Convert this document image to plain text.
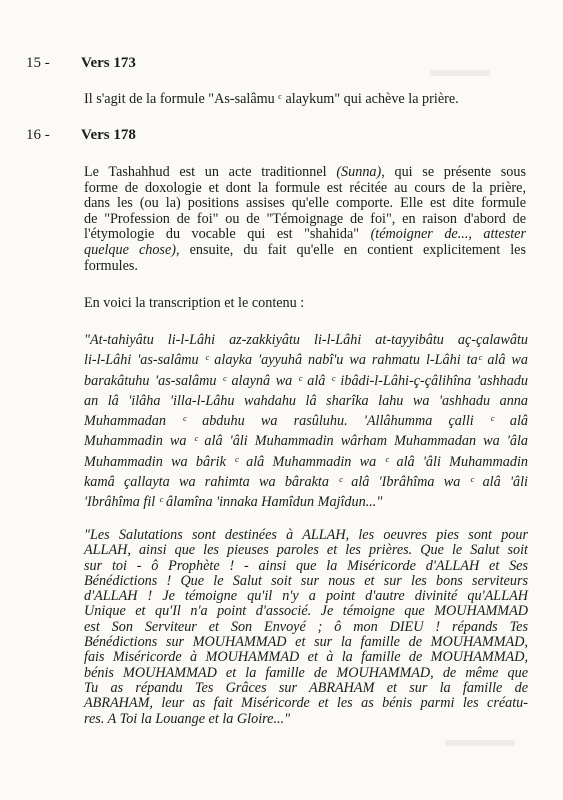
15 - Vers 173
Il s'agit de la formule "As-salâmu ᶜ alaykum" qui achève la prière.
16 - Vers 178
Le Tashahhud est un acte traditionnel (Sunna), qui se présente sous
forme de doxologie et dont la formule est récitée au cours de la prière,
dans les (ou la) positions assises qu'elle comporte. Elle est dite formule
de "Profession de foi" ou de "Témoignage de foi", en raison d'abord de
l'étymologie du vocable qui est "shahida" (témoigner de..., attester
quelque chose), ensuite, du fait qu'elle en contient explicitement les
formules.
En voici la transcription et le contenu :
"At-tahiyâtu li-l-Lâhi az-zakkiyâtu li-l-Lâhi at-tayyibâtu aç-çalawâtu
li-l-Lâhi 'as-salâmu ᶜ alayka 'ayyuhâ nabî'u wa rahmatu l-Lâhi taᶜ alâ wa
barakâtuhu 'as-salâmu ᶜ alaynâ wa ᶜ alâ ᶜ ibâdi-l-Lâhi-ç-çâlihîna 'ashhadu
an lâ 'ilâha 'illa-l-Lâhu wahdahu lâ sharîka lahu wa 'ashhadu anna
Muhammadan ᶜ abduhu wa rasûluhu. 'Allâhumma çalli ᶜ alâ
Muhammadin wa ᶜ alâ 'âli Muhammadin wârham Muhammadan wa 'âla
Muhammadin wa bârik ᶜ alâ Muhammadin wa ᶜ alâ 'âli Muhammadin
kamâ çallayta wa rahimta wa bârakta ᶜ alâ 'Ibrâhîma wa ᶜ alâ 'âli
'Ibrâhîma fil ᶜ âlamîna 'innaka Hamîdun Majîdun..."
"Les Salutations sont destinées à ALLAH, les oeuvres pies sont pour
ALLAH, ainsi que les pieuses paroles et les prières. Que le Salut soit
sur toi - ô Prophète ! - ainsi que la Miséricorde d'ALLAH et Ses
Bénédictions ! Que le Salut soit sur nous et sur les bons serviteurs
d'ALLAH ! Je témoigne qu'il n'y a point d'autre divinité qu'ALLAH
Unique et qu'Il n'a point d'associé. Je témoigne que MOUHAMMAD
est Son Serviteur et Son Envoyé ; ô mon DIEU ! répands Tes
Bénédictions sur MOUHAMMAD et sur la famille de MOUHAMMAD,
fais Miséricorde à MOUHAMMAD et à la famille de MOUHAMMAD,
bénis MOUHAMMAD et la famille de MOUHAMMAD, de même que
Tu as répandu Tes Grâces sur ABRAHAM et sur la famille de
ABRAHAM, leur as fait Miséricorde et les as bénis parmi les créatu-
res. A Toi la Louange et la Gloire..."
